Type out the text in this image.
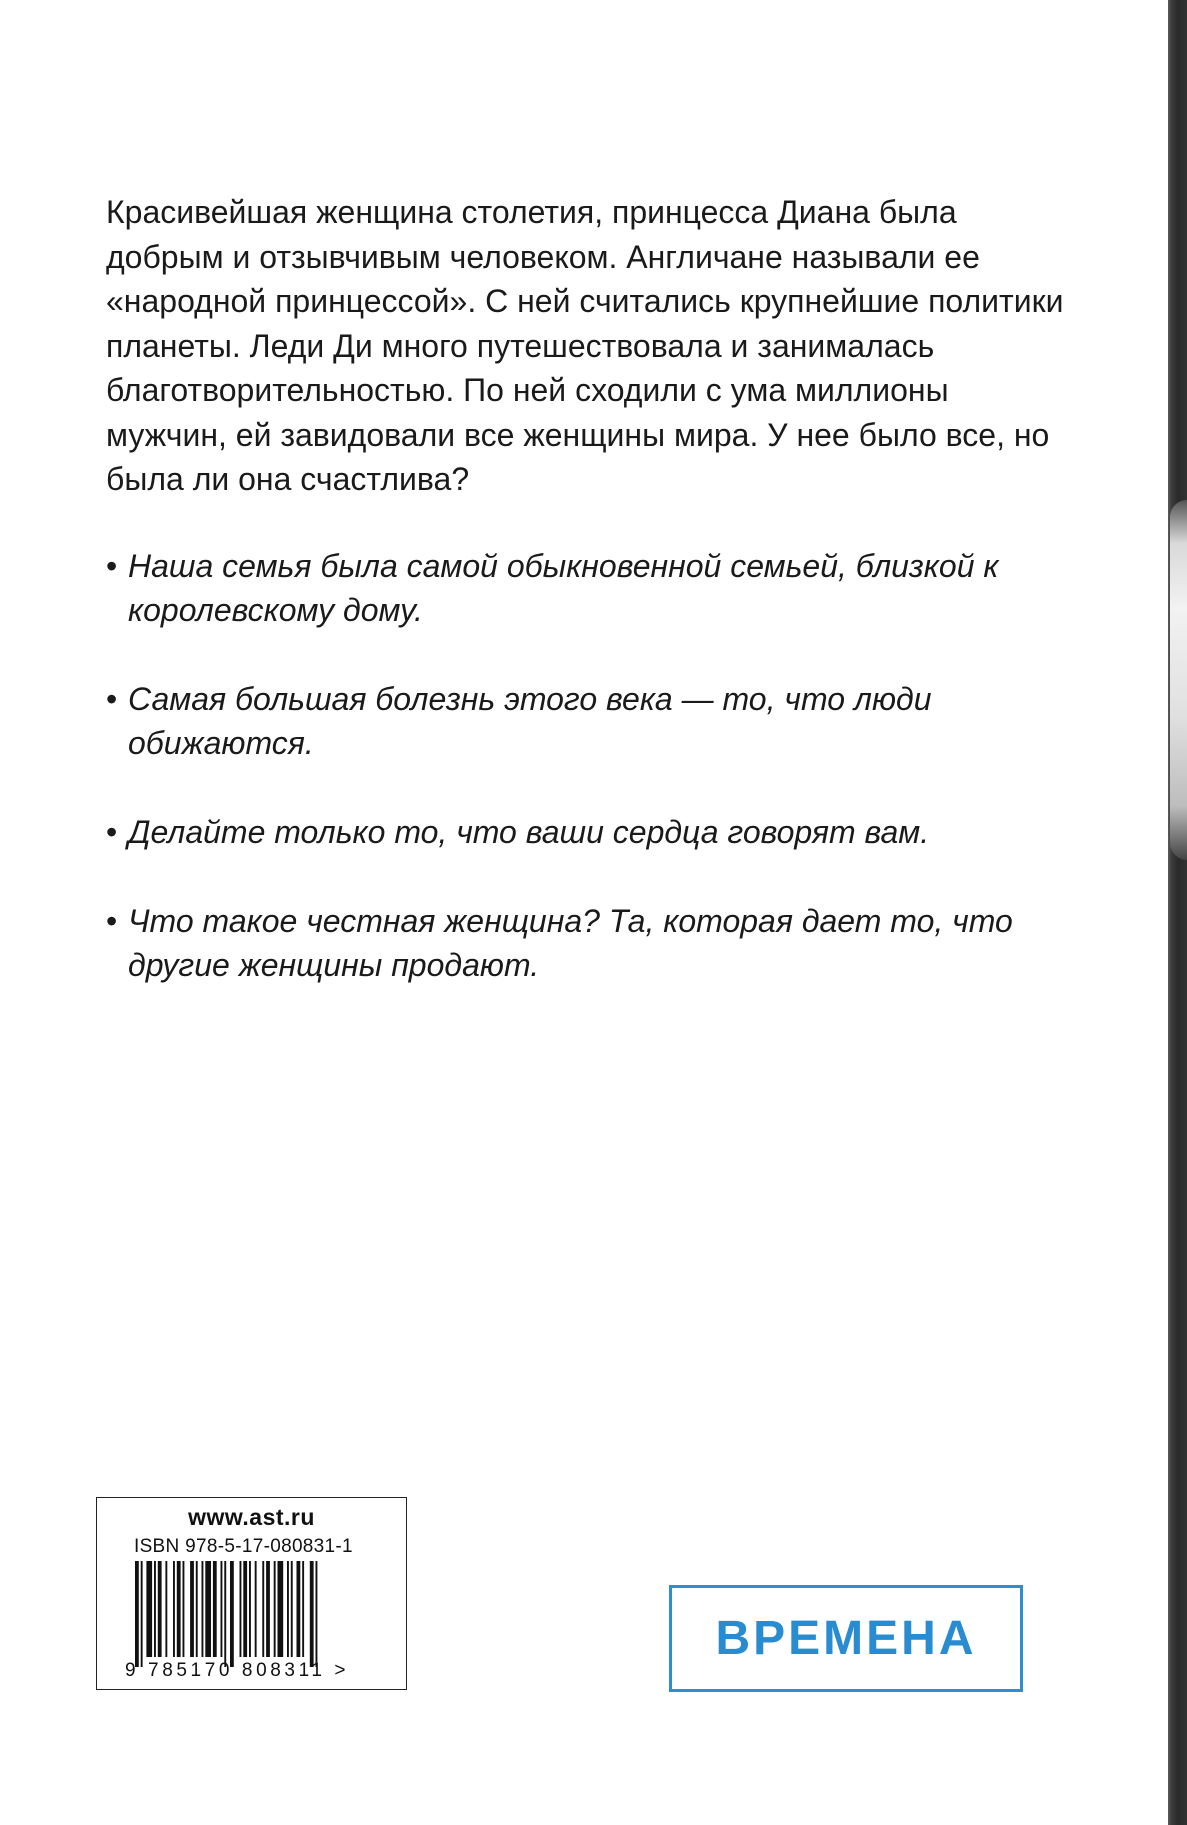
Красивейшая женщина столетия, принцесса Диана была добрым и отзывчивым человеком. Англичане называли ее «народной принцессой». С ней считались крупнейшие политики планеты. Леди Ди много путешествовала и занималась благотворительностью. По ней сходили с ума миллионы мужчин, ей завидовали все женщины мира. У нее было все, но была ли она счастлива?

• Наша семья была самой обыкновенной семьей, близкой к королевскому дому.
• Самая большая болезнь этого века — то, что люди обижаются.
• Делайте только то, что ваши сердца говорят вам.
• Что такое честная женщина? Та, которая дает то, что другие женщины продают.
www.ast.ru
ISBN 978-5-17-080831-1
9 785170 808311 >
ВРЕМЕНА
